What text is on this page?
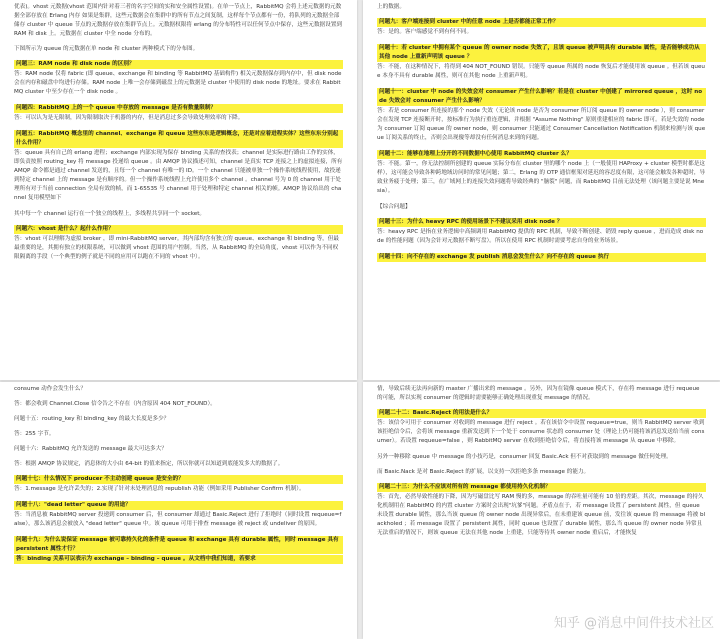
优表)。vhost 元数据(vhost 范围内针对着三者的名字空间的实和安全属性设置)。在单一节点上，RabbitMQ 会将上述元数据的元数据全部存放在 Erlang 内存 如果是集群，这些元数据会在集群中的所有节点之间复制，这样每个节点都有一份，将队列的元数据全部储存 cluster 中 queue 节点的元数据存放在集群节点上。元数据权限将 erlang 的分布特性可以任何节点中保存，这些元数据设置到 RAM 和 disk 上。元数据在 cluster 中全 node 分布的。
下图所示为 queue 的元数据在单 node 和 cluster 两种模式下的分布图。
问题三：RAM node 和 disk node 的区别？
答：RAM node 仅将 fabric (即 queue、exchange 和 binding 等 RabbitMQ 基础构件) 相关元数据保存到内存中，但 disk node 会在内存和磁盘中均进行存储。RAM node 上唯一会存储到磁盘上的元数据是 cluster 中使用的 disk node 的地址。要求在 RabbitMQ cluster 中至少存在一个 disk node 。
问题四：RabbitMQ 上的一个 queue 中存放的 message 是否有数量限制？
答：可以认为是无限制，因为限制取决于机器的内存，但是消息过多会导致处理效率的下降。
问题五：RabbitMQ 概念里的 channel、exchange 和 queue 这些东东是逻辑概念，还是对应着进程实体？这些东东分别起什么作用？
答：queue 具有自己的 erlang 进程；exchange 内部实现为保存 binding 关系的查找表；channel 是实际进行路由工作的实体，即负责按照 routing_key 将 message 投递给 queue 。由 AMQP 协议描述可知，channel 是真实 TCP 连接之上的虚拟连接，所有 AMQP 命令都是通过 channel 发送的，且每一个 channel 有唯一的 ID。一个 channel 只能被单独一个操作系统线程使用，故投递到特定 channel 上的 message 是有顺序的。但一个操作系统线程上允许使用多个 channel 。channel 号为 0 的 channel 用于处理所有对于当前 connection 全局有效的帧，而 1-65535 号 channel 用于处理和特定 channel 相关的帧。AMQP 协议给出的 channel 复用模型如下
其中每一个 channel 运行在一个独立的线程上，多线程共享同一个 socket。
问题六：vhost 是什么？起什么作用？
答：vhost 可以理解为虚拟 broker ，即 mini-RabbitMQ server。其内部均含有独立的 queue、exchange 和 binding 等，但最最重要的是，其拥有独立的权限系统，可以做到 vhost 范围的用户控制。当然，从 RabbitMQ 的全局角度，vhost 可以作为不同权限隔离的手段（一个典型的例子就是不同的应用可以跑在不同的 vhost 中）。
上的数据。
问题九：客户端连接到 cluster 中的任意 node 上是否都能正常工作？
答：是的。客户端感觉不到有何不同。
问题十：若 cluster 中拥有某个 queue 的 owner node 失效了，且该 queue 被声明具有 durable 属性，是否能够成功从其他 node 上重新声明该 queue ？
答：不能，在这种情况下，将得到 404 NOT_FOUND 错误。只能等 queue 所属的 node 恢复后才能使用该 queue 。但若该 queue 本身不具有 durable 属性，则可在其他 node 上重新声明。
问题十一：cluster 中 node 的失效会对 consumer 产生什么影响？若是在 cluster 中创建了 mirrored queue ，这时 node 失效会对 consumer 产生什么影响？
答：若是 consumer 所连接的那个 node 失效（无论该 node 是否为 consumer 所订阅 queue 的 owner node ），则 consumer 会在发现 TCP 连接断开时，按标准行为执行重连逻辑，并根据 "Assume Nothing" 原则重建相应的 fabric 即可。若是失效的 node 为 consumer 订阅 queue 的 owner node，则 consumer 只能通过 Consumer Cancellation Notification 机制来检测与该 queue 订阅关系的终止，否则会出现傻等却没有任何消息来到的问题。
问题十二：能够在地理上分开的不同数据中心使用 RabbitMQ cluster 么？
答：不能。第一，你无法控制所创建的 queue 实际分布在 cluster 里的哪个 node 上（一般使用 HAProxy + cluster 模型时都是这样），这可能会导致各种跨地域访问时的常见问题；第二，Erlang 的 OTP 通信框架对延迟的容忍度有限，这可能会触发各种超时，导致业务疲于处理；第三，在广域网上的连接失效问题将导致经典的 "脑裂" 问题，而 RabbitMQ 目前无法处理（该问题主要是说 Mnesia）。
【综合问题】
问题十三：为什么 heavy RPC 的使用场景下不建议采用 disk node ？
答：heavy RPC 是指在业务逻辑中高频调用 RabbitMQ 提供的 RPC 机制，导致不断创建、销毁 reply queue ，进而造成 disk node 的性能问题（因为会针对元数据不断写盘）。所以在使用 RPC 机制时需要考虑自身的业务场景。
问题十四：向不存在的 exchange 发 publish 消息会发生什么？向不存在的 queue 执行
consume 动作会发生什么？
答：都会收到 Channel.Close 信令告之不存在（内含原因 404 NOT_FOUND）。
问题十五：routing_key 和 binding_key 的最大长度是多少？
答：255 字节。
问题十六：RabbitMQ 允许发送的 message 最大可达多大？
答：根据 AMQP 协议规定，消息体的大小由 64-bit 的值来指定，所以你就可以知道到底能发多大的数据了。
问题十七：什么情况下 producer 不主动创建 queue 是安全的？
答：1.message 是允许丢失的；2.实现了针对未处理消息的 republish 功能（例如采用 Publisher Confirm 机制）。
问题十八："dead letter" queue 的用途？
答：当消息被 RabbitMQ server 投递到 consumer 后，但 consumer 却通过 Basic.Reject 进行了拒绝时（同时设置 requeue=false），那么该消息会被放入 "dead letter" queue 中。该 queue 可用于排查 message 被 reject 或 undeliver 的原因。
问题十九：为什么说保证 message 被可靠持久化的条件是 queue 和 exchange 具有 durable 属性，同时 message 具有 persistent 属性才行？
答：binding 关系可以表示为 exchange – binding – queue 。从文档中我们知道，若要求
情，导致后续无法再向新的 master 广播出来的 message 。另外，因为在镜像 queue 模式下，存在将 message 进行 requeue 的可能，所以实现 consumer 的逻辑时需要能够正确处理出现重复 message 的情况。
问题二十二：Basic.Reject 的用法是什么？
答：该信令可用于 consumer 对收到的 message 进行 reject 。若在该信令中设置 requeue=true，则当 RabbitMQ server 收到该拒绝信令后，会将该 message 重新发送到下一个处于 consume 状态的 consumer 处（理论上仍可能将该消息发送给当前 consumer）。若设置 requeue=false ，则 RabbitMQ server 在收到拒绝信令后，将直接将该 message 从 queue 中移除。
另外一种移除 queue 中 message 的小技巧是，consumer 回复 Basic.Ack 但不对获取到的 message 做任何处理。
而 Basic.Nack 是对 Basic.Reject 的扩展，以支持一次拒绝多条 message 的能力。
问题二十三：为什么不应该对所有的 message 都使用持久化机制？
答：首先，必然导致性能的下降，因为写磁盘比写 RAM 慢的多，message 的吞吐量可能有 10 倍的差距。其次，message 的持久化机制用在 RabbitMQ 的内置 cluster 方案时会出现"坑爹"问题。矛盾点在于，若 message 设置了 persistent 属性，但 queue 未设置 durable 属性，那么当该 queue 的 owner node 出现异常后，在未重建该 queue 前，发往该 queue 的 message 将被 blackholed ；若 message 设置了 persistent 属性，同时 queue 也设置了 durable 属性，那么当 queue 的 owner node 异常且无法重启的情况下，则该 queue 无法在其他 node 上重建，只能等待其 owner node 重启后，才能恢复
知乎 @消息中间件技术社区
